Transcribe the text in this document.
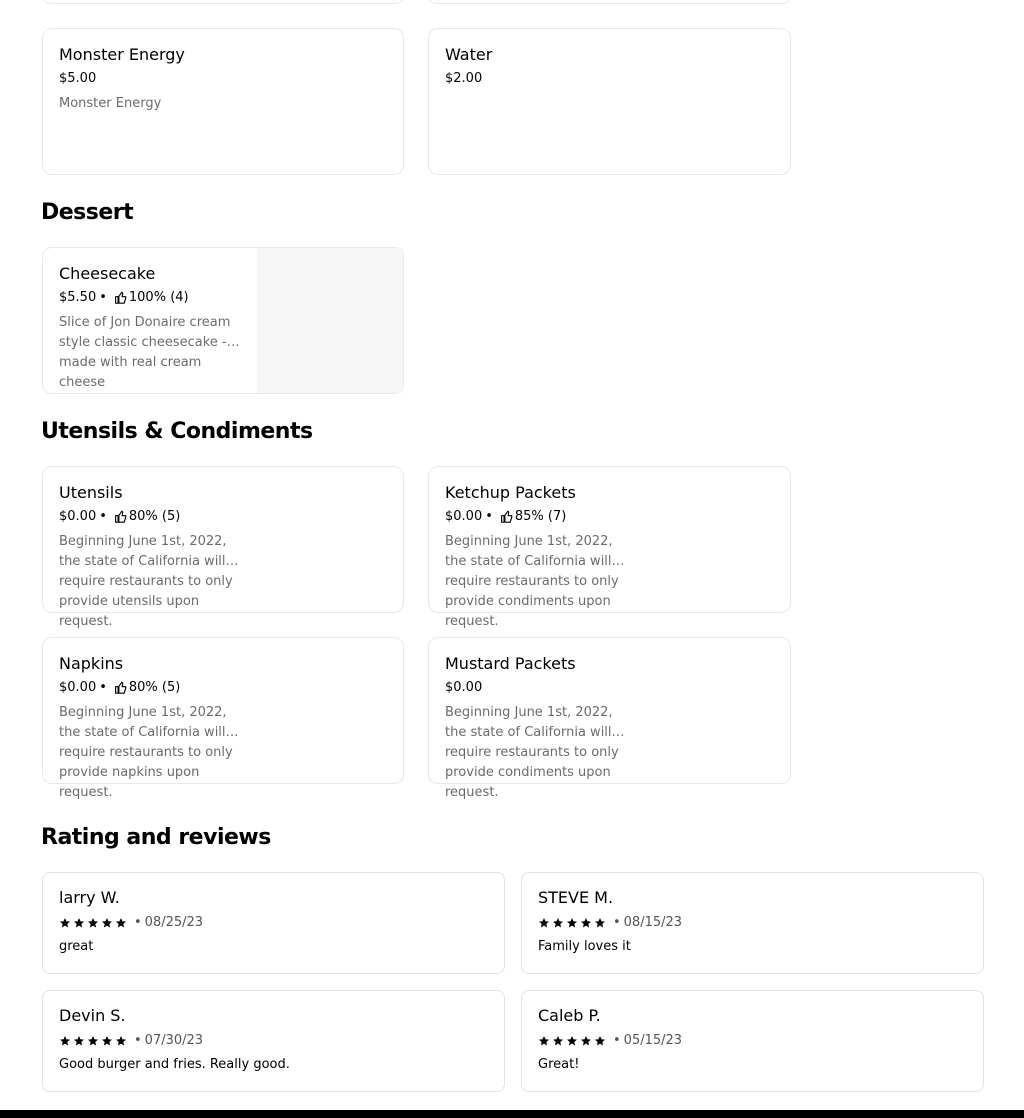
Monster Energy
$5.00
Monster Energy
Water
$2.00
Dessert
Cheesecake
$5.50 • 100% (4)
Slice of Jon Donaire cream style classic cheesecake - made with real cream cheese
Utensils & Condiments
Utensils
$0.00 • 80% (5)
Beginning June 1st, 2022, the state of California will require restaurants to only provide utensils upon request.
Ketchup Packets
$0.00 • 85% (7)
Beginning June 1st, 2022, the state of California will require restaurants to only provide condiments upon request.
Napkins
$0.00 • 80% (5)
Beginning June 1st, 2022, the state of California will require restaurants to only provide napkins upon request.
Mustard Packets
$0.00
Beginning June 1st, 2022, the state of California will require restaurants to only provide condiments upon request.
Rating and reviews
larry W.
• 08/25/23
great
STEVE M.
• 08/15/23
Family loves it
Devin S.
• 07/30/23
Good burger and fries. Really good.
Caleb P.
• 05/15/23
Great!
